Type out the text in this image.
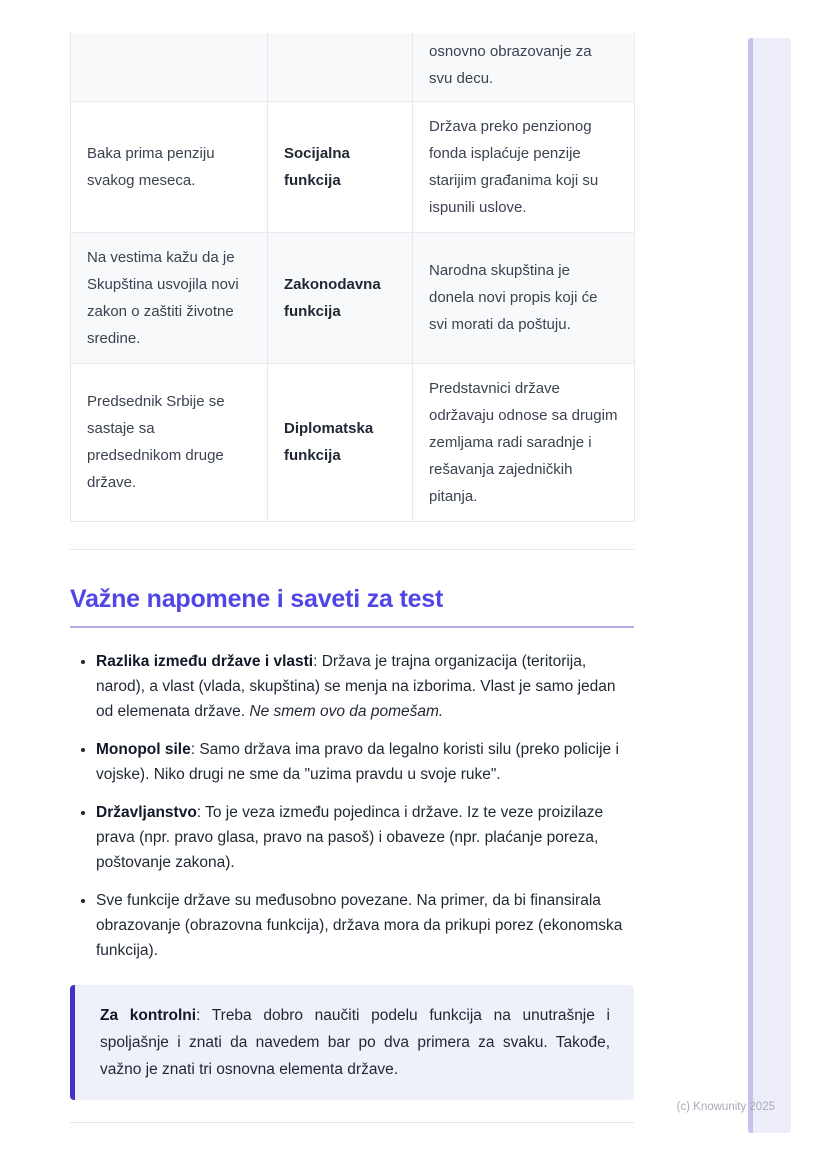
		osnovno obrazovanje za svu decu.
Baka prima penziju svakog meseca.	Socijalna funkcija	Država preko penzionog fonda isplaćuje penzije starijim građanima koji su ispunili uslove.
Na vestima kažu da je Skupština usvojila novi zakon o zaštiti životne sredine.	Zakonodavna funkcija	Narodna skupština je donela novi propis koji će svi morati da poštuju.
Predsednik Srbije se sastaje sa predsednikom druge države.	Diplomatska funkcija	Predstavnici države održavaju odnose sa drugim zemljama radi saradnje i rešavanja zajedničkih pitanja.
Važne napomene i saveti za test
• Razlika između države i vlasti: Država je trajna organizacija (teritorija, narod), a vlast (vlada, skupština) se menja na izborima. Vlast je samo jedan od elemenata države. Ne smem ovo da pomešam.
• Monopol sile: Samo država ima pravo da legalno koristi silu (preko policije i vojske). Niko drugi ne sme da "uzima pravdu u svoje ruke".
• Državljanstvo: To je veza između pojedinca i države. Iz te veze proizilaze prava (npr. pravo glasa, pravo na pasoš) i obaveze (npr. plaćanje poreza, poštovanje zakona).
• Sve funkcije države su međusobno povezane. Na primer, da bi finansirala obrazovanje (obrazovna funkcija), država mora da prikupi porez (ekonomska funkcija).

Za kontrolni: Treba dobro naučiti podelu funkcija na unutrašnje i spoljašnje i znati da navedem bar po dva primera za svaku. Takođe, važno je znati tri osnovna elementa države.

(c) Knowunity 2025
